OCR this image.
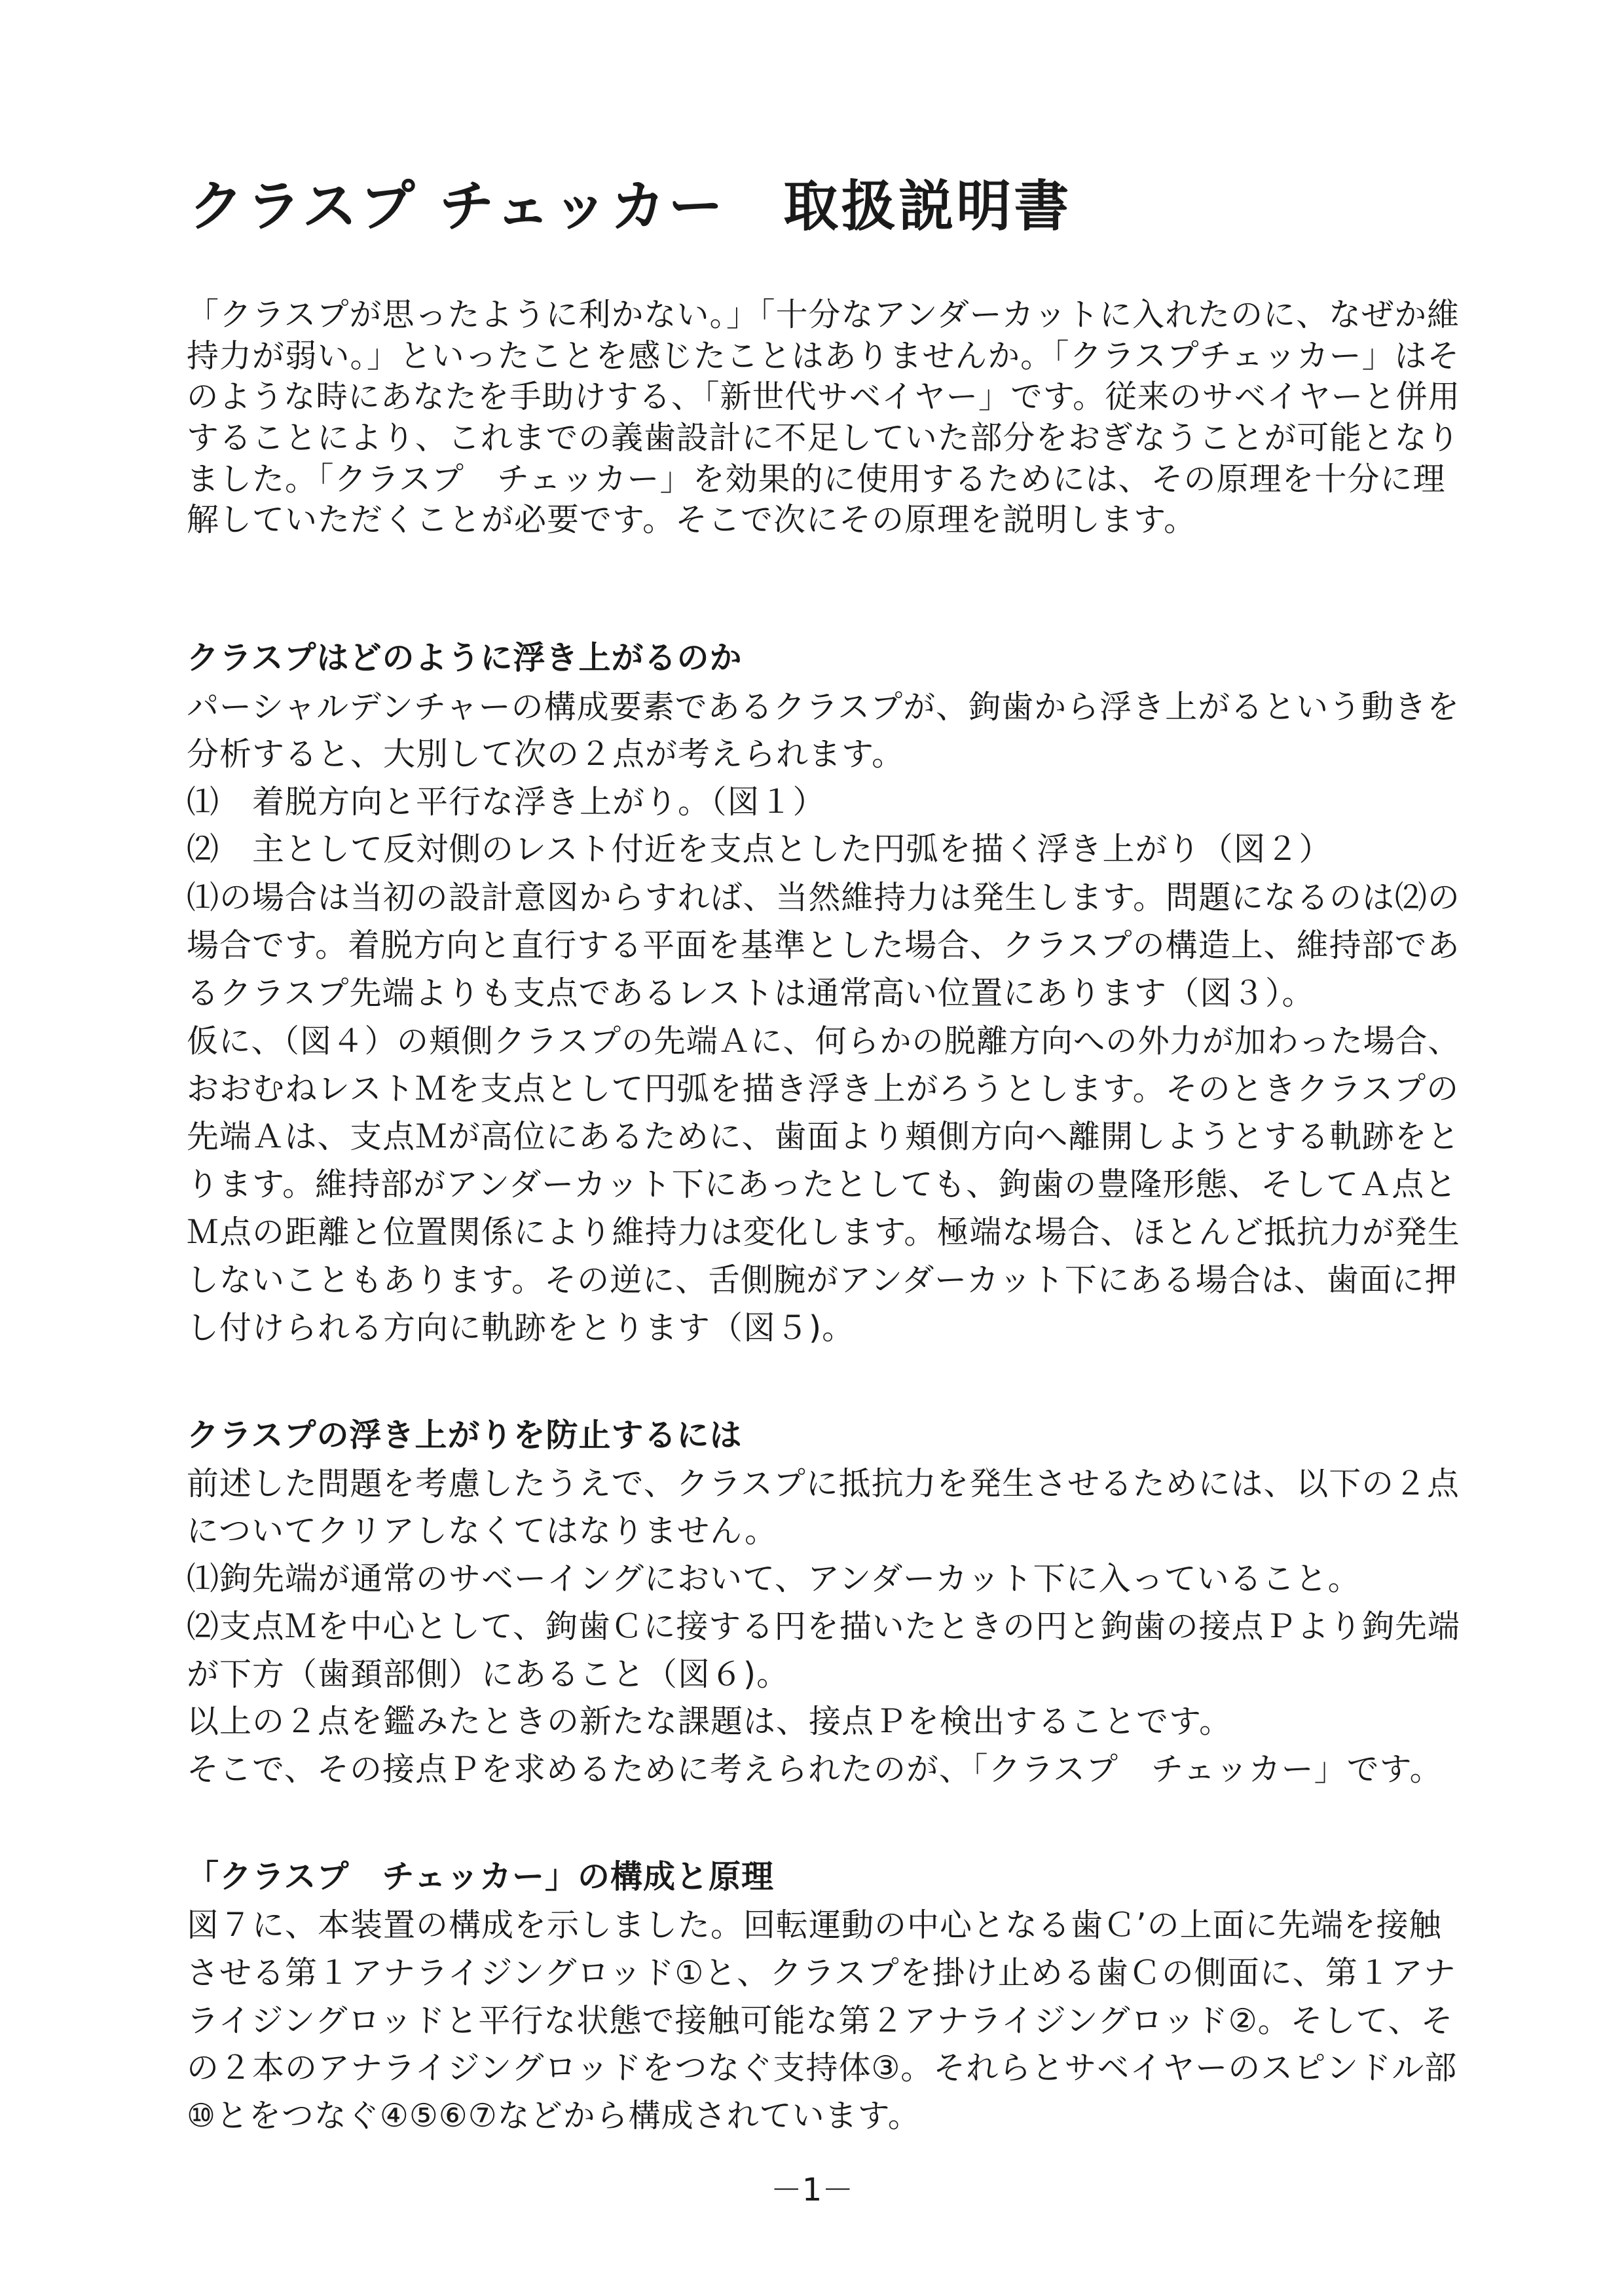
クラスプ チェッカー　取扱説明書
「クラスプが思ったように利かない。」「十分なアンダーカットに入れたのに、なぜか維
持力が弱い。」といったことを感じたことはありませんか。「クラスプチェッカー」はそ
のような時にあなたを手助けする、「新世代サベイヤー」です。従来のサベイヤーと併用
することにより、これまでの義歯設計に不足していた部分をおぎなうことが可能となり
ました。「クラスプ　チェッカー」を効果的に使用するためには、その原理を十分に理
解していただくことが必要です。そこで次にその原理を説明します。
クラスプはどのように浮き上がるのか
パーシャルデンチャーの構成要素であるクラスプが、鉤歯から浮き上がるという動きを
分析すると、大別して次の２点が考えられます。
⑴　着脱方向と平行な浮き上がり。（図１）
⑵　主として反対側のレスト付近を支点とした円弧を描く浮き上がり（図２）
⑴の場合は当初の設計意図からすれば、当然維持力は発生します。問題になるのは⑵の
場合です。着脱方向と直行する平面を基準とした場合、クラスプの構造上、維持部であ
るクラスプ先端よりも支点であるレストは通常高い位置にあります（図３）。
仮に、（図４）の頬側クラスプの先端Ａに、何らかの脱離方向への外力が加わった場合、
おおむねレストＭを支点として円弧を描き浮き上がろうとします。そのときクラスプの
先端Ａは、支点Ｍが高位にあるために、歯面より頬側方向へ離開しようとする軌跡をと
ります。維持部がアンダーカット下にあったとしても、鉤歯の豊隆形態、そしてＡ点と
Ｍ点の距離と位置関係により維持力は変化します。極端な場合、ほとんど抵抗力が発生
しないこともあります。その逆に、舌側腕がアンダーカット下にある場合は、歯面に押
し付けられる方向に軌跡をとります（図５)。
クラスプの浮き上がりを防止するには
前述した問題を考慮したうえで、クラスプに抵抗力を発生させるためには、以下の２点
についてクリアしなくてはなりません。
⑴鉤先端が通常のサベーイングにおいて、アンダーカット下に入っていること。
⑵支点Ｍを中心として、鉤歯Ｃに接する円を描いたときの円と鉤歯の接点Ｐより鉤先端
が下方（歯頚部側）にあること（図６)。
以上の２点を鑑みたときの新たな課題は、接点Ｐを検出することです。
そこで、その接点Ｐを求めるために考えられたのが、「クラスプ　チェッカー」です。
「クラスプ　チェッカー」の構成と原理
図７に、本装置の構成を示しました。回転運動の中心となる歯Ｃ’の上面に先端を接触
させる第１アナライジングロッド①と、クラスプを掛け止める歯Ｃの側面に、第１アナ
ライジングロッドと平行な状態で接触可能な第２アナライジングロッド②。そして、そ
の２本のアナライジングロッドをつなぐ支持体③。それらとサベイヤーのスピンドル部
⑩とをつなぐ④⑤⑥⑦などから構成されています。
－1－
